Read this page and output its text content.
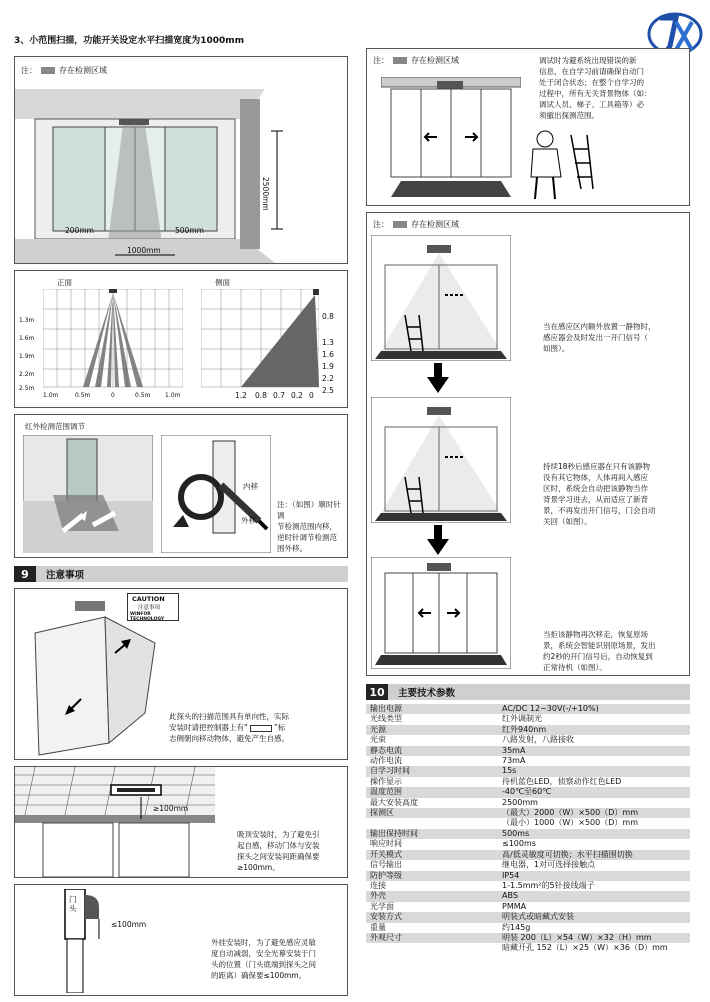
3、小范围扫描，功能开关设定水平扫描宽度为1000mm
注：	存在检测区域
2500mm
200mm	500mm
1000mm
正面	侧面
1.3m
1.6m
1.9m
2.2m
2.5m
1.0m	0.5m	0	0.5m 1.0m
0.8
1.3
1.6
1.9
2.2
2.5
1.2 0.8 0.7 0.2 0
红外检测范围调节
内移
外移
注：（如图）顺时针调
节检测范围内移，
逆时针调节检测范
围外移。
9	注意事项
CAUTION
注意事项
WINFOR TECHNOLOGY
此探头的扫描范围具有单向性，实际
安装时请把控制器上有“	”标
志侧朝向移动物体，避免产生自感。
≥100mm
吸顶安装时，为了避免引
起自感，移动门体与安装
探头之间安装间距确保要
≥100mm。
门头
≤100mm
外挂安装时，为了避免感应灵敏
度自动减弱，安全光幕安装于门
头的位置（门头底端到探头之间
的距离）确保要≤100mm。
注：	存在检测区域	调试时为避系统出现错误的新
信息，在自学习前请确保自动门
处于闭合状态；在整个自学习的
过程中，所有无关背景物体（如：
调试人员、梯子、工具箱等）必
须撤出探测范围。
注：	存在检测区域
当在感应区内额外放置一静物时，
感应器会及时发出一开门信号（
如图）。
持续18秒后感应器在只有该静物
没有其它物体，人体再间入感应
区时，系统会自动把该静物当作
背景学习进去，从而适应了新背
景，不再发出开门信号，门会自动
关回（如图）。
当拒该静物再次移走，恢复原场
景，系统会智能识别原场景，发出
约2秒的开门信号后，自动恢复到
正常待机（如图）。
10	主要技术参数
输出电源	AC/DC 12~30V(-/+10%)
光线类型	红外调制光
光源	红外940nm
光束	八路发射，八路接收
静态电流	35mA
动作电流	73mA
自学习时间	15s
操作显示	待机蓝色LED，侦察动作红色LED
温度范围	-40℃至60℃
最大安装高度	2500mm
探测区	（最大）2000（W）×500（D）mm
	（最小）1000（W）×500（D）mm
输出保持时间	500ms
响应时间	≤100ms
开关模式	高/低灵敏度可切换；水平扫描围切换
信号输出	继电器，1对可选择接触点
防护等级	IP54
连接	1-1.5mm²的5针接线端子
外壳	ABS
光学面	PMMA
安装方式	明装式或暗藏式安装
重量	约145g
外观尺寸	明装 200（L）×54（W）×32（H）mm
	暗藏开孔 152（L）×25（W）×36（D）mm
